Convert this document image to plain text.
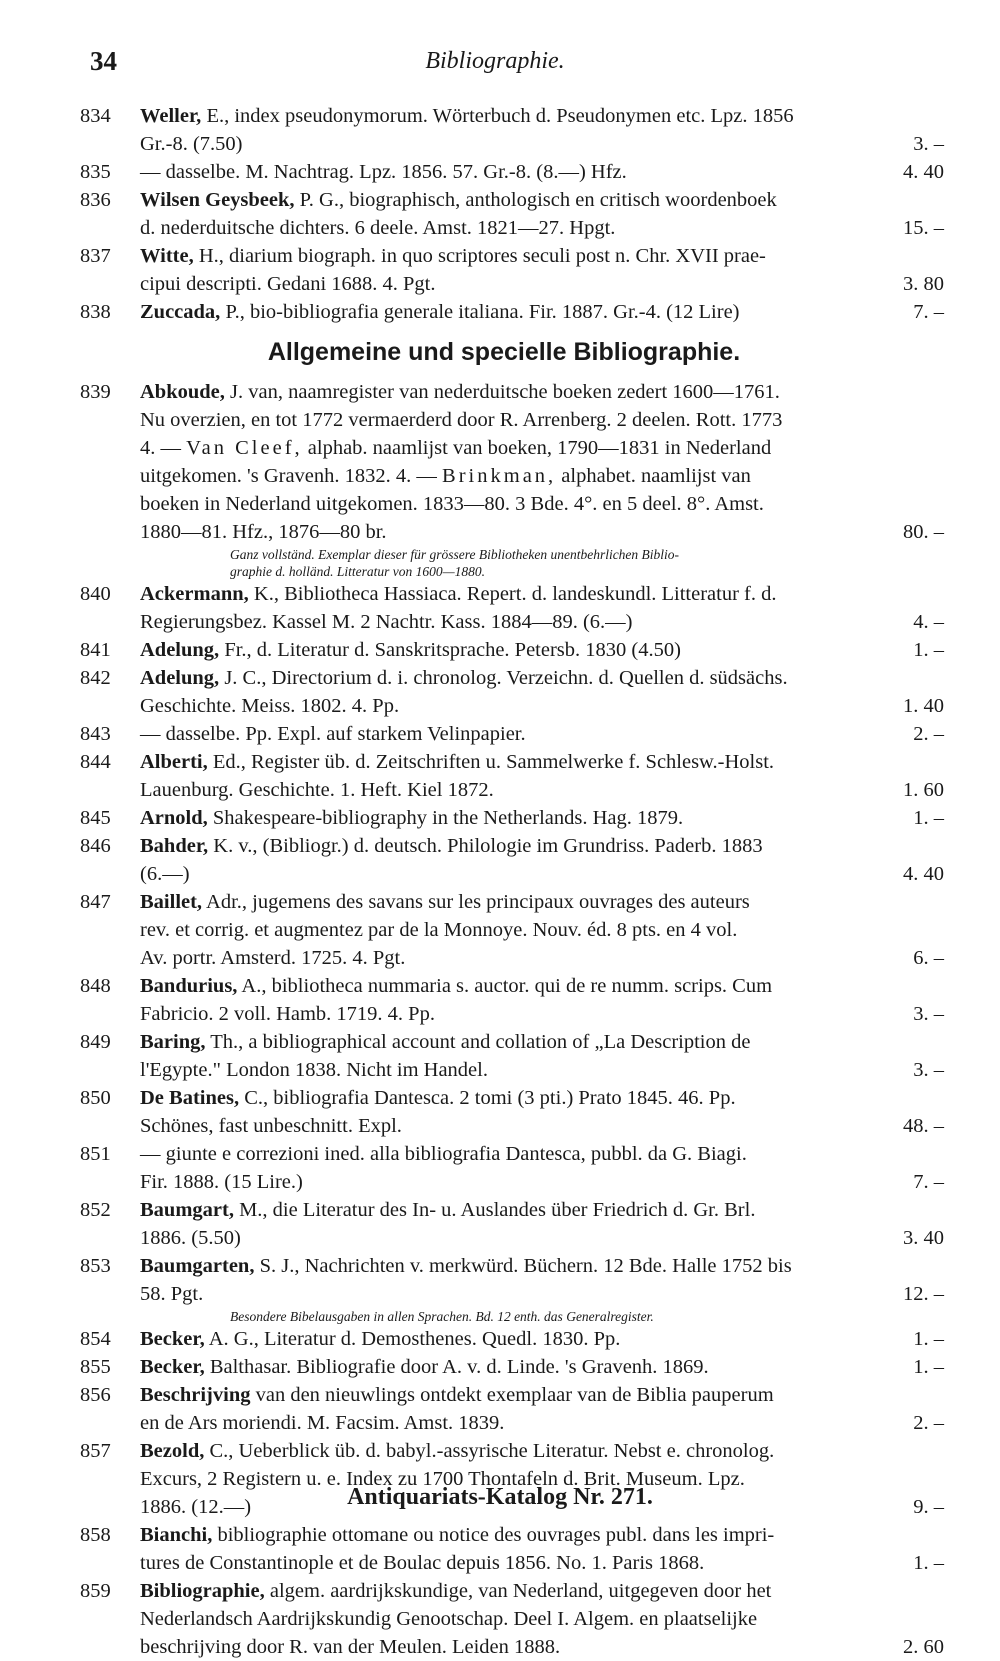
34	Bibliographie.
834 Weller, E., index pseudonymorum. Wörterbuch d. Pseudonymen etc. Lpz. 1856
Gr.-8. (7.50)	3. –
835 — dasselbe. M. Nachtrag. Lpz. 1856. 57. Gr.-8. (8.—) Hfz.	4. 40
836 Wilsen Geysbeek, P. G., biographisch, anthologisch en critisch woordenboek
d. nederduitsche dichters. 6 deele. Amst. 1821—27. Hpgt.	15. –
837 Witte, H., diarium biograph. in quo scriptores seculi post n. Chr. XVII prae-
cipui descripti. Gedani 1688. 4. Pgt.	3. 80
838 Zuccada, P., bio-bibliografia generale italiana. Fir. 1887. Gr.-4. (12 Lire)	7. –
Allgemeine und specielle Bibliographie.
839 Abkoude, J. van, naamregister van nederduitsche boeken zedert 1600—1761.
Nu overzien, en tot 1772 vermaerderd door R. Arrenberg. 2 deelen. Rott. 1773
4. — Van Cleef, alphab. naamlijst van boeken, 1790—1831 in Nederland
uitgekomen. 's Gravenh. 1832. 4. — Brinkman, alphabet. naamlijst van
boeken in Nederland uitgekomen. 1833—80. 3 Bde. 4°. en 5 deel. 8°. Amst.
1880—81. Hfz., 1876—80 br.	80. –
Ganz vollständ. Exemplar dieser für grössere Bibliotheken unentbehrlichen Biblio-
graphie d. holländ. Litteratur von 1600—1880.
840 Ackermann, K., Bibliotheca Hassiaca. Repert. d. landeskundl. Litteratur f. d.
Regierungsbez. Kassel M. 2 Nachtr. Kass. 1884—89. (6.—)	4. –
841 Adelung, Fr., d. Literatur d. Sanskritsprache. Petersb. 1830 (4.50)	1. –
842 Adelung, J. C., Directorium d. i. chronolog. Verzeichn. d. Quellen d. südsächs.
Geschichte. Meiss. 1802. 4. Pp.	1. 40
843 — dasselbe. Pp. Expl. auf starkem Velinpapier.	2. –
844 Alberti, Ed., Register üb. d. Zeitschriften u. Sammelwerke f. Schlesw.-Holst.
Lauenburg. Geschichte. 1. Heft. Kiel 1872.	1. 60
845 Arnold, Shakespeare-bibliography in the Netherlands. Hag. 1879.	1. –
846 Bahder, K. v., (Bibliogr.) d. deutsch. Philologie im Grundriss. Paderb. 1883
(6.—)	4. 40
847 Baillet, Adr., jugemens des savans sur les principaux ouvrages des auteurs
rev. et corrig. et augmentez par de la Monnoye. Nouv. éd. 8 pts. en 4 vol.
Av. portr. Amsterd. 1725. 4. Pgt.	6. –
848 Bandurius, A., bibliotheca nummaria s. auctor. qui de re numm. scrips. Cum
Fabricio. 2 voll. Hamb. 1719. 4. Pp.	3. –
849 Baring, Th., a bibliographical account and collation of „La Description de
l'Egypte." London 1838. Nicht im Handel.	3. –
850 De Batines, C., bibliografia Dantesca. 2 tomi (3 pti.) Prato 1845. 46. Pp.
Schönes, fast unbeschnitt. Expl.	48. –
851 — giunte e correzioni ined. alla bibliografia Dantesca, pubbl. da G. Biagi.
Fir. 1888. (15 Lire.)	7. –
852 Baumgart, M., die Literatur des In- u. Auslandes über Friedrich d. Gr. Brl.
1886. (5.50)	3. 40
853 Baumgarten, S. J., Nachrichten v. merkwürd. Büchern. 12 Bde. Halle 1752 bis
58. Pgt.	12. –
Besondere Bibelausgaben in allen Sprachen. Bd. 12 enth. das Generalregister.
854 Becker, A. G., Literatur d. Demosthenes. Quedl. 1830. Pp.	1. –
855 Becker, Balthasar. Bibliografie door A. v. d. Linde. 's Gravenh. 1869.	1. –
856 Beschrijving van den nieuwlings ontdekt exemplaar van de Biblia pauperum
en de Ars moriendi. M. Facsim. Amst. 1839.	2. –
857 Bezold, C., Ueberblick üb. d. babyl.-assyrische Literatur. Nebst e. chronolog.
Excurs, 2 Registern u. e. Index zu 1700 Thontafeln d. Brit. Museum. Lpz.
1886. (12.—)	9. –
858 Bianchi, bibliographie ottomane ou notice des ouvrages publ. dans les impri-
tures de Constantinople et de Boulac depuis 1856. No. 1. Paris 1868.	1. –
859 Bibliographie, algem. aardrijkskundige, van Nederland, uitgegeven door het
Nederlandsch Aardrijkskundig Genootschap. Deel I. Algem. en plaatselijke
beschrijving door R. van der Meulen. Leiden 1888.	2. 60
Antiquariats-Katalog Nr. 271.
